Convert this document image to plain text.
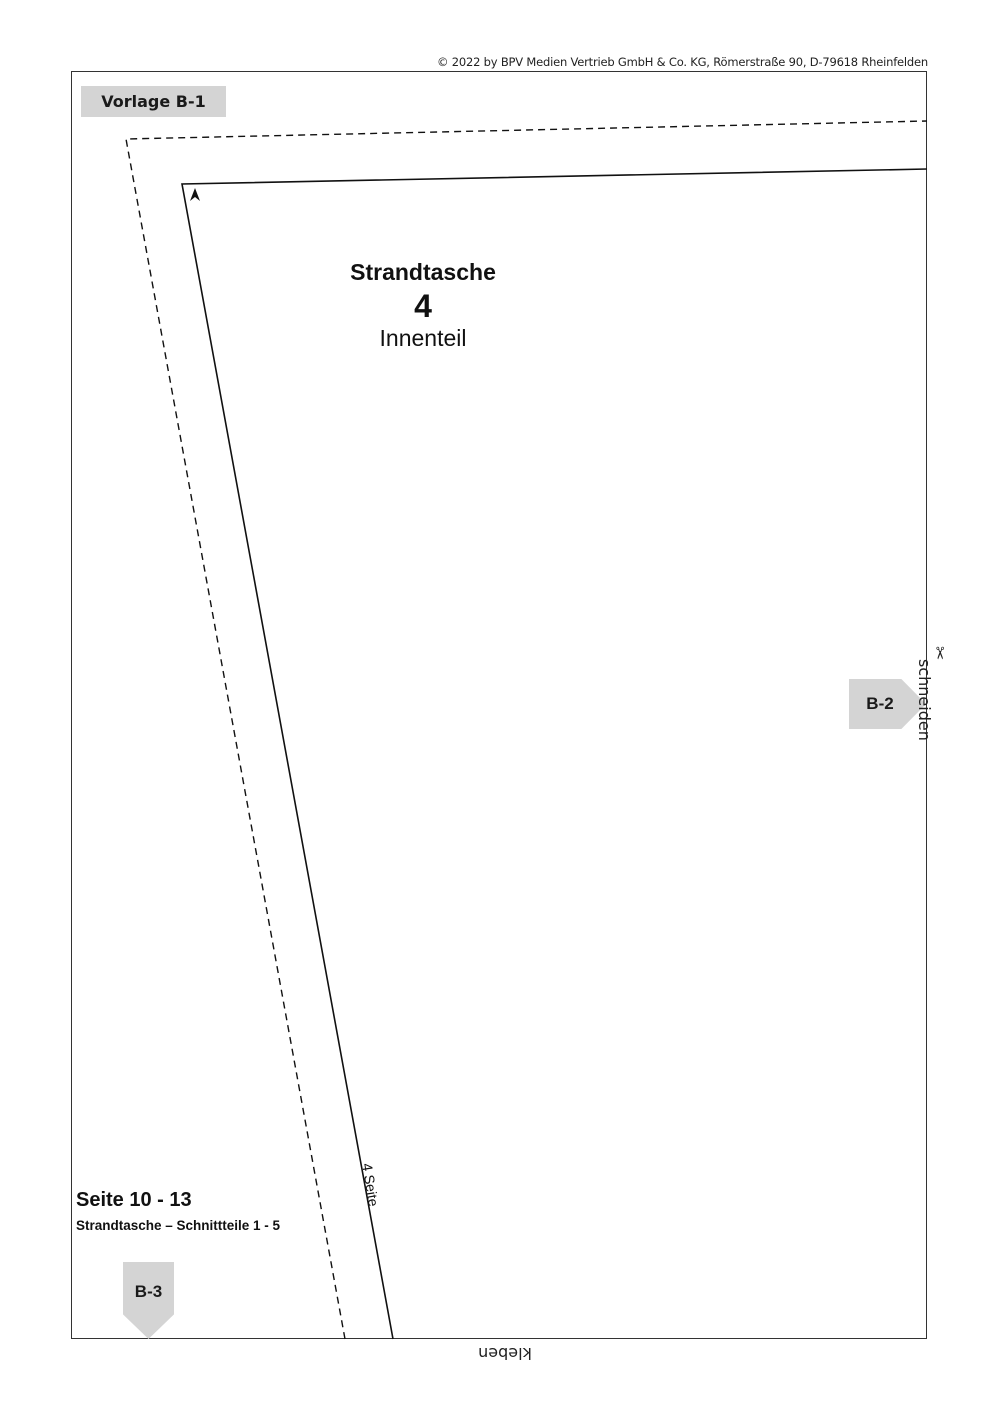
© 2022 by BPV Medien Vertrieb GmbH & Co. KG, Römerstraße 90, D-79618 Rheinfelden
Vorlage B-1
Strandtasche
4
Innenteil
B-2
B-3
✂
schneiden
kleben
4 Seite
Seite 10 - 13
Strandtasche – Schnittteile 1 - 5
